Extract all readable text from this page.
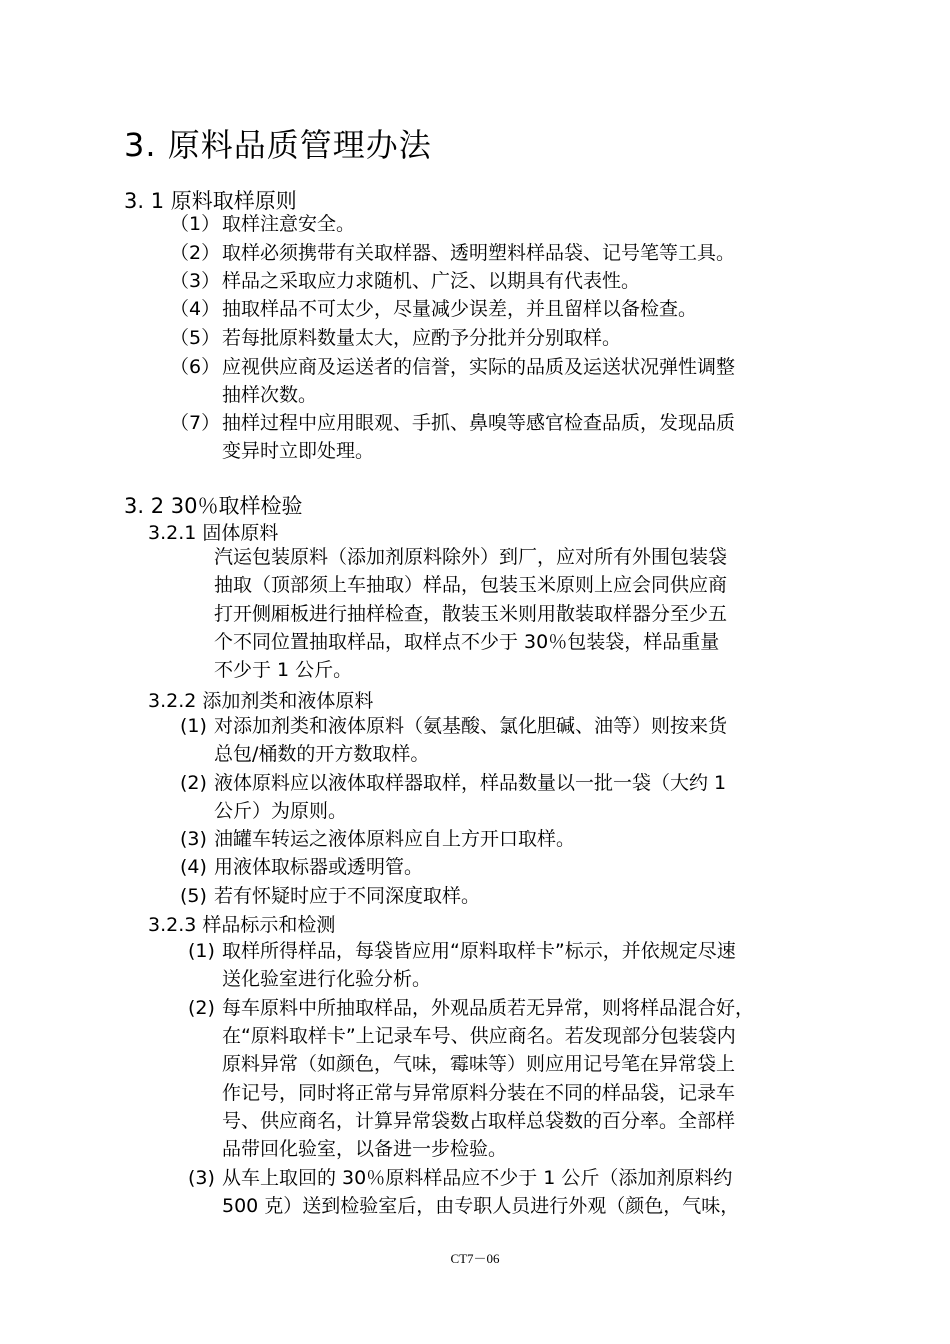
3. 原料品质管理办法
3. 1 原料取样原则
（1） 取样注意安全。
（2） 取样必须携带有关取样器、透明塑料样品袋、记号笔等工具。
（3） 样品之采取应力求随机、广泛、以期具有代表性。
（4） 抽取样品不可太少，尽量减少误差，并且留样以备检查。
（5） 若每批原料数量太大，应酌予分批并分别取样。
（6） 应视供应商及运送者的信誉，实际的品质及运送状况弹性调整
抽样次数。
（7） 抽样过程中应用眼观、手抓、鼻嗅等感官检查品质，发现品质
变异时立即处理。
3. 2 30％取样检验
3.2.1 固体原料
汽运包装原料（添加剂原料除外）到厂，应对所有外围包装袋
抽取（顶部须上车抽取）样品，包装玉米原则上应会同供应商
打开侧厢板进行抽样检查，散装玉米则用散装取样器分至少五
个不同位置抽取样品，取样点不少于 30％包装袋，样品重量
不少于 1 公斤。
3.2.2 添加剂类和液体原料
(1) 对添加剂类和液体原料（氨基酸、氯化胆碱、油等）则按来货
总包/桶数的开方数取样。
(2) 液体原料应以液体取样器取样，样品数量以一批一袋（大约 1
公斤）为原则。
(3) 油罐车转运之液体原料应自上方开口取样。
(4) 用液体取标器或透明管。
(5) 若有怀疑时应于不同深度取样。
3.2.3 样品标示和检测
(1) 取样所得样品，每袋皆应用“原料取样卡”标示，并依规定尽速
送化验室进行化验分析。
(2) 每车原料中所抽取样品，外观品质若无异常，则将样品混合好，
在“原料取样卡”上记录车号、供应商名。若发现部分包装袋内
原料异常（如颜色，气味，霉味等）则应用记号笔在异常袋上
作记号，同时将正常与异常原料分装在不同的样品袋，记录车
号、供应商名，计算异常袋数占取样总袋数的百分率。全部样
品带回化验室，以备进一步检验。
(3) 从车上取回的 30％原料样品应不少于 1 公斤（添加剂原料约
500 克）送到检验室后，由专职人员进行外观（颜色，气味，
CT7－06
